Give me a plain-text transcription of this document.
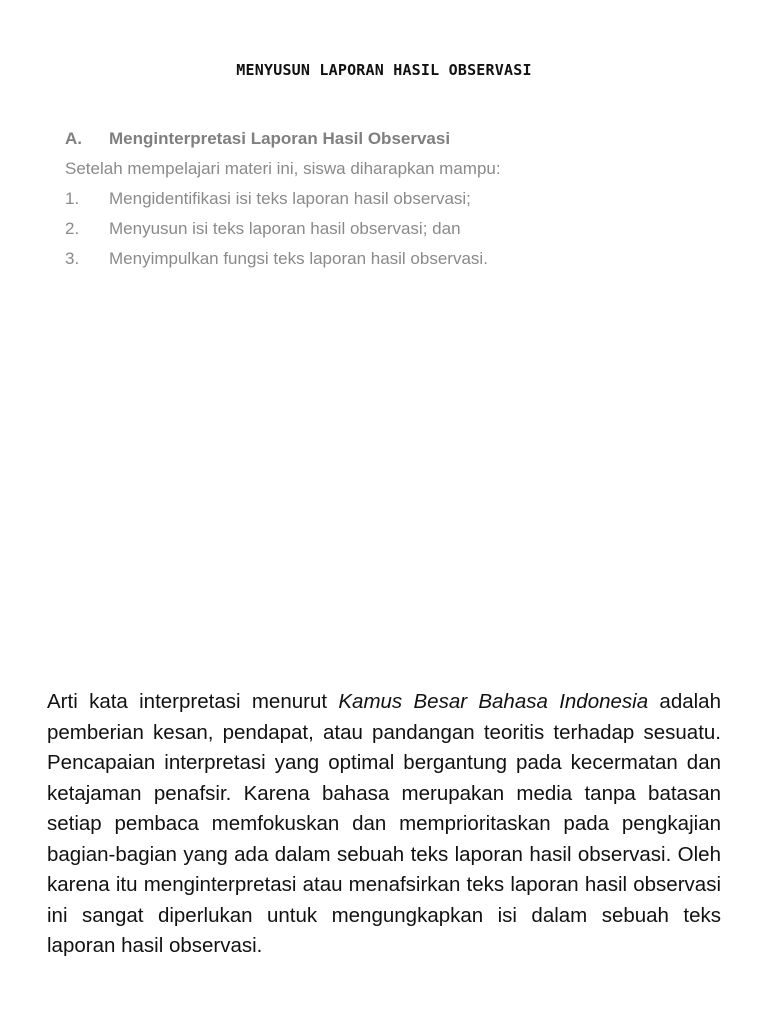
MENYUSUN LAPORAN HASIL OBSERVASI
A.	Menginterpretasi Laporan Hasil Observasi
Setelah mempelajari materi ini, siswa diharapkan mampu:
1.	Mengidentifikasi isi teks laporan hasil observasi;
2.	Menyusun isi teks laporan hasil observasi; dan
3.	Menyimpulkan fungsi teks laporan hasil observasi.

Arti kata interpretasi menurut Kamus Besar Bahasa Indonesia adalah pemberian kesan, pendapat, atau pandangan teoritis terhadap sesuatu. Pencapaian interpretasi yang optimal bergantung pada kecermatan dan ketajaman penafsir. Karena bahasa merupakan media tanpa batasan setiap pembaca memfokuskan dan memprioritaskan pada pengkajian bagian-bagian yang ada dalam sebuah teks laporan hasil observasi. Oleh karena itu menginterpretasi atau menafsirkan teks laporan hasil observasi ini sangat diperlukan untuk mengungkapkan isi dalam sebuah teks laporan hasil observasi.
